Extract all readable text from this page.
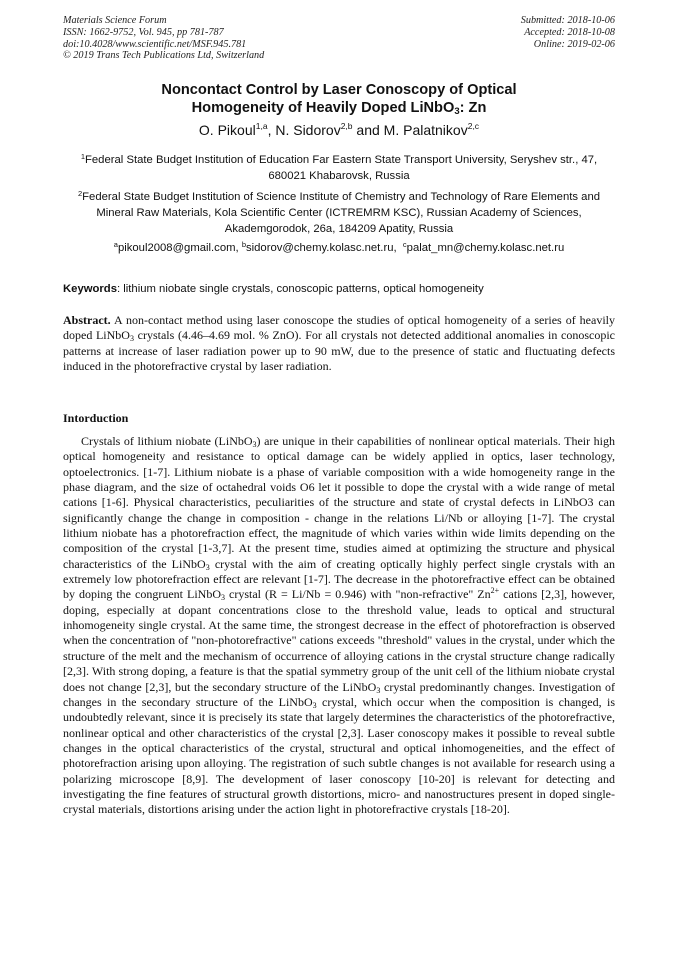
Materials Science Forum
ISSN: 1662-9752, Vol. 945, pp 781-787
doi:10.4028/www.scientific.net/MSF.945.781
© 2019 Trans Tech Publications Ltd, Switzerland
Submitted: 2018-10-06
Accepted: 2018-10-08
Online: 2019-02-06
Noncontact Control by Laser Conoscopy of Optical
Homogeneity of Heavily Doped LiNbO$_3$: Zn
O. Pikoul$^{1,a}$, N. Sidorov$^{2,b}$ and M. Palatnikov$^{2,c}$
$^1$Federal State Budget Institution of Education Far Eastern State Transport University, Seryshev str., 47, 680021 Khabarovsk, Russia
$^2$Federal State Budget Institution of Science Institute of Chemistry and Technology of Rare Elements and Mineral Raw Materials, Kola Scientific Center (ICTREMRM KSC), Russian Academy of Sciences, Akademgorodok, 26a, 184209 Apatity, Russia
$^a$pikoul2008@gmail.com, $^b$sidorov@chemy.kolasc.net.ru,  $^c$palat_mn@chemy.kolasc.net.ru
Keywords: lithium niobate single crystals, conoscopic patterns, optical homogeneity
Abstract. A non-contact method using laser conoscope the studies of optical homogeneity of a series of heavily doped LiNbO$_3$ crystals (4.46–4.69 mol. % ZnO). For all crystals not detected additional anomalies in conoscopic patterns at increase of laser radiation power up to 90 mW, due to the presence of static and fluctuating defects induced in the photorefractive crystal by laser radiation.
Intorduction
Crystals of lithium niobate (LiNbO$_3$) are unique in their capabilities of nonlinear optical materials. Their high optical homogeneity and resistance to optical damage can be widely applied in optics, laser technology, optoelectronics. [1-7]. Lithium niobate is a phase of variable composition with a wide homogeneity range in the phase diagram, and the size of octahedral voids O6 let it possible to dope the crystal with a wide range of metal cations [1-6]. Physical characteristics, peculiarities of the structure and state of crystal defects in LiNbO3 can significantly change the change in composition - change in the relations Li/Nb or alloying [1-7]. The crystal lithium niobate has a photorefraction effect, the magnitude of which varies within wide limits depending on the composition of the crystal [1-3,7]. At the present time, studies aimed at optimizing the structure and physical characteristics of the LiNbO$_3$ crystal with the aim of creating optically highly perfect single crystals with an extremely low photorefraction effect are relevant [1-7]. The decrease in the photorefractive effect can be obtained by doping the congruent LiNbO$_3$ crystal (R = Li/Nb = 0.946) with "non-refractive" $Zn^{2+}$ cations [2,3], however, doping, especially at dopant concentrations close to the threshold value, leads to optical and structural inhomogeneity single crystal. At the same time, the strongest decrease in the effect of photorefraction is observed when the concentration of "non-photorefractive" cations exceeds "threshold" values in the crystal, under which the structure of the melt and the mechanism of occurrence of alloying cations in the crystal structure change radically [2,3]. With strong doping, a feature is that the spatial symmetry group of the unit cell of the lithium niobate crystal does not change [2,3], but the secondary structure of the LiNbO$_3$ crystal predominantly changes. Investigation of changes in the secondary structure of the LiNbO$_3$ crystal, which occur when the composition is changed, is undoubtedly relevant, since it is precisely its state that largely determines the characteristics of the photorefractive, nonlinear optical and other characteristics of the crystal [2,3]. Laser conoscopy makes it possible to reveal subtle changes in the optical characteristics of the crystal, structural and optical inhomogeneities, and the effect of photorefraction arising upon alloying. The registration of such subtle changes is not available for research using a polarizing microscope [8,9]. The development of laser conoscopy [10-20] is relevant for detecting and investigating the fine features of structural growth distortions, micro- and nanostructures present in doped single-crystal materials, distortions arising under the action light in photorefractive crystals [18-20].
